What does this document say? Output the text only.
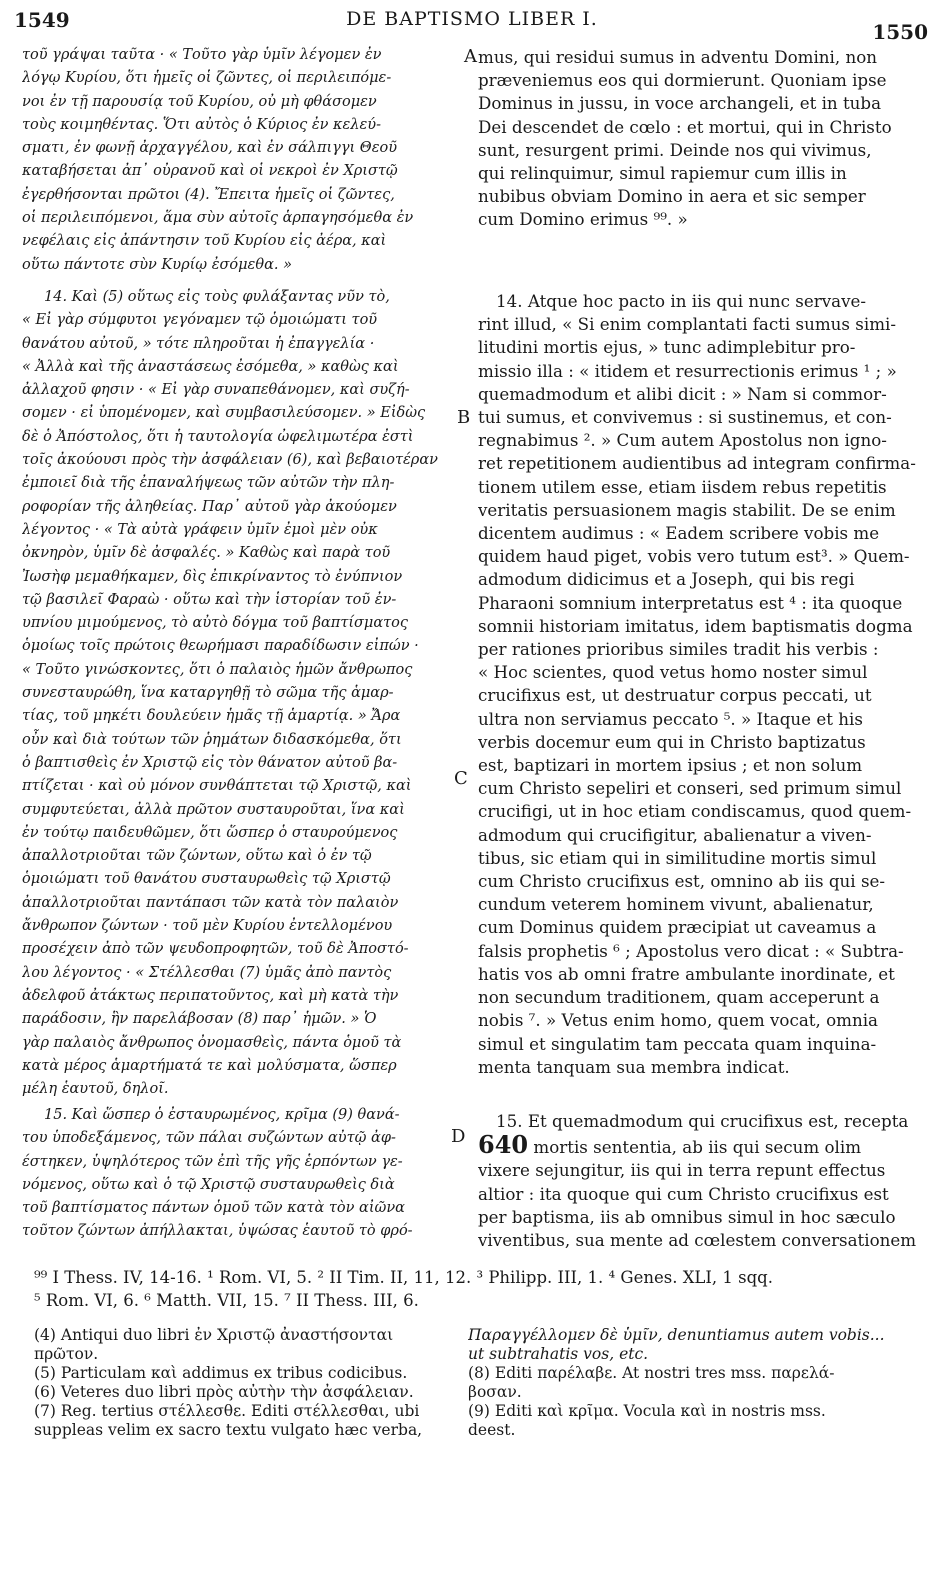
1549	DE BAPTISMO LIBER I.
1550
A
B
C
D
τοῦ γράψαι ταῦτα · « Τοῦτο γὰρ ὑμῖν λέγομεν ἐν
λόγῳ Κυρίου, ὅτι ἡμεῖς οἱ ζῶντες, οἱ περιλειπόμε-
νοι ἐν τῇ παρουσίᾳ τοῦ Κυρίου, οὐ μὴ φθάσομεν
τοὺς κοιμηθέντας. Ὅτι αὐτὸς ὁ Κύριος ἐν κελεύ-
σματι, ἐν φωνῇ ἀρχαγγέλου, καὶ ἐν σάλπιγγι Θεοῦ
καταβήσεται ἀπ᾽ οὐρανοῦ καὶ οἱ νεκροὶ ἐν Χριστῷ
ἐγερθήσονται πρῶτοι (4). Ἔπειτα ἡμεῖς οἱ ζῶντες,
οἱ περιλειπόμενοι, ἅμα σὺν αὐτοῖς ἁρπαγησόμεθα ἐν
νεφέλαις εἰς ἀπάντησιν τοῦ Κυρίου εἰς ἀέρα, καὶ
οὕτω πάντοτε σὺν Κυρίῳ ἐσόμεθα. »
mus, qui residui sumus in adventu Domini, non
præveniemus eos qui dormierunt. Quoniam ipse
Dominus in jussu, in voce archangeli, et in tuba
Dei descendet de cœlo : et mortui, qui in Christo
sunt, resurgent primi. Deinde nos qui vivimus,
qui relinquimur, simul rapiemur cum illis in
nubibus obviam Domino in aera et sic semper
cum Domino erimus ⁹⁹. »
14. Καὶ (5) οὕτως εἰς τοὺς φυλάξαντας νῦν τὸ,
« Εἰ γὰρ σύμφυτοι γεγόναμεν τῷ ὁμοιώματι τοῦ
θανάτου αὐτοῦ, » τότε πληροῦται ἡ ἐπαγγελία ·
« Ἀλλὰ καὶ τῆς ἀναστάσεως ἐσόμεθα, » καθὼς καὶ
ἀλλαχοῦ φησιν · « Εἰ γὰρ συναπεθάνομεν, καὶ συζή-
σομεν · εἰ ὑπομένομεν, καὶ συμβασιλεύσομεν. » Εἰδὼς
δὲ ὁ Ἀπόστολος, ὅτι ἡ ταυτολογία ὠφελιμωτέρα ἐστὶ
τοῖς ἀκούουσι πρὸς τὴν ἀσφάλειαν (6), καὶ βεβαιοτέραν
ἐμποιεῖ διὰ τῆς ἐπαναλήψεως τῶν αὐτῶν τὴν πλη-
ροφορίαν τῆς ἀληθείας. Παρ᾽ αὐτοῦ γὰρ ἀκούομεν
λέγοντος · « Τὰ αὐτὰ γράφειν ὑμῖν ἐμοὶ μὲν οὐκ
ὀκνηρὸν, ὑμῖν δὲ ἀσφαλές. » Καθὼς καὶ παρὰ τοῦ
Ἰωσὴφ μεμαθήκαμεν, δὶς ἐπικρίναντος τὸ ἐνύπνιον
τῷ βασιλεῖ Φαραὼ · οὕτω καὶ τὴν ἱστορίαν τοῦ ἐν-
υπνίου μιμούμενος, τὸ αὐτὸ δόγμα τοῦ βαπτίσματος
ὁμοίως τοῖς πρώτοις θεωρήμασι παραδίδωσιν εἰπών ·
« Τοῦτο γινώσκοντες, ὅτι ὁ παλαιὸς ἡμῶν ἄνθρωπος
συνεσταυρώθη, ἵνα καταργηθῇ τὸ σῶμα τῆς ἁμαρ-
τίας, τοῦ μηκέτι δουλεύειν ἡμᾶς τῇ ἁμαρτίᾳ. » Ἄρα
οὖν καὶ διὰ τούτων τῶν ῥημάτων διδασκόμεθα, ὅτι
ὁ βαπτισθεὶς ἐν Χριστῷ εἰς τὸν θάνατον αὐτοῦ βα-
πτίζεται · καὶ οὐ μόνον συνθάπτεται τῷ Χριστῷ, καὶ
συμφυτεύεται, ἀλλὰ πρῶτον συσταυροῦται, ἵνα καὶ
ἐν τούτῳ παιδευθῶμεν, ὅτι ὥσπερ ὁ σταυρούμενος
ἀπαλλοτριοῦται τῶν ζώντων, οὕτω καὶ ὁ ἐν τῷ
ὁμοιώματι τοῦ θανάτου συσταυρωθεὶς τῷ Χριστῷ
ἀπαλλοτριοῦται παντάπασι τῶν κατὰ τὸν παλαιὸν
ἄνθρωπον ζώντων · τοῦ μὲν Κυρίου ἐντελλομένου
προσέχειν ἀπὸ τῶν ψευδοπροφητῶν, τοῦ δὲ Ἀποστό-
λου λέγοντος · « Στέλλεσθαι (7) ὑμᾶς ἀπὸ παντὸς
ἀδελφοῦ ἀτάκτως περιπατοῦντος, καὶ μὴ κατὰ τὴν
παράδοσιν, ἣν παρελάβοσαν (8) παρ᾽ ἡμῶν. » Ὁ
γὰρ παλαιὸς ἄνθρωπος ὀνομασθεὶς, πάντα ὁμοῦ τὰ
κατὰ μέρος ἁμαρτήματά τε καὶ μολύσματα, ὥσπερ
μέλη ἑαυτοῦ, δηλοῖ.
14. Atque hoc pacto in iis qui nunc servave-
rint illud, « Si enim complantati facti sumus simi-
litudini mortis ejus, » tunc adimplebitur pro-
missio illa : « itidem et resurrectionis erimus ¹ ; »
quemadmodum et alibi dicit : » Nam si commor-
tui sumus, et convivemus : si sustinemus, et con-
regnabimus ². » Cum autem Apostolus non igno-
ret repetitionem audientibus ad integram confirma-
tionem utilem esse, etiam iisdem rebus repetitis
veritatis persuasionem magis stabilit. De se enim
dicentem audimus : « Eadem scribere vobis me
quidem haud piget, vobis vero tutum est³. » Quem-
admodum didicimus et a Joseph, qui bis regi
Pharaoni somnium interpretatus est ⁴ : ita quoque
somnii historiam imitatus, idem baptismatis dogma
per rationes prioribus similes tradit his verbis :
« Hoc scientes, quod vetus homo noster simul
crucifixus est, ut destruatur corpus peccati, ut
ultra non serviamus peccato ⁵. » Itaque et his
verbis docemur eum qui in Christo baptizatus
est, baptizari in mortem ipsius ; et non solum
cum Christo sepeliri et conseri, sed primum simul
crucifigi, ut in hoc etiam condiscamus, quod quem-
admodum qui crucifigitur, abalienatur a viven-
tibus, sic etiam qui in similitudine mortis simul
cum Christo crucifixus est, omnino ab iis qui se-
cundum veterem hominem vivunt, abalienatur,
cum Dominus quidem præcipiat ut caveamus a
falsis prophetis ⁶ ; Apostolus vero dicat : « Subtra-
hatis vos ab omni fratre ambulante inordinate, et
non secundum traditionem, quam acceperunt a
nobis ⁷. » Vetus enim homo, quem vocat, omnia
simul et singulatim tam peccata quam inquina-
menta tanquam sua membra indicat.
15. Καὶ ὥσπερ ὁ ἐσταυρωμένος, κρῖμα (9) θανά-
του ὑποδεξάμενος, τῶν πάλαι συζώντων αὐτῷ ἀφ-
έστηκεν, ὑψηλότερος τῶν ἐπὶ τῆς γῆς ἑρπόντων γε-
νόμενος, οὕτω καὶ ὁ τῷ Χριστῷ συσταυρωθεὶς διὰ
τοῦ βαπτίσματος πάντων ὁμοῦ τῶν κατὰ τὸν αἰῶνα
τοῦτον ζώντων ἀπήλλακται, ὑψώσας ἑαυτοῦ τὸ φρό-
15. Et quemadmodum qui crucifixus est, recepta
640 mortis sententia, ab iis qui secum olim
vixere sejungitur, iis qui in terra repunt effectus
altior : ita quoque qui cum Christo crucifixus est
per baptisma, iis ab omnibus simul in hoc sæculo
viventibus, sua mente ad cœlestem conversationem
⁹⁹ I Thess. IV, 14-16. ¹ Rom. VI, 5. ² II Tim. II, 11, 12. ³ Philipp. III, 1. ⁴ Genes. XLI, 1 sqq.
⁵ Rom. VI, 6. ⁶ Matth. VII, 15. ⁷ II Thess. III, 6.
(4) Antiqui duo libri ἐν Χριστῷ ἀναστήσονται
πρῶτον.
(5) Particulam καὶ addimus ex tribus codicibus.
(6) Veteres duo libri πρὸς αὐτὴν τὴν ἀσφάλειαν.
(7) Reg. tertius στέλλεσθε. Editi στέλλεσθαι, ubi
suppleas velim ex sacro textu vulgato hæc verba,
Παραγγέλλομεν δὲ ὑμῖν, denuntiamus autem vobis...
ut subtrahatis vos, etc.
(8) Editi παρέλαβε. At nostri tres mss. παρελά-
βοσαν.
(9) Editi καὶ κρῖμα. Vocula καὶ in nostris mss.
deest.
